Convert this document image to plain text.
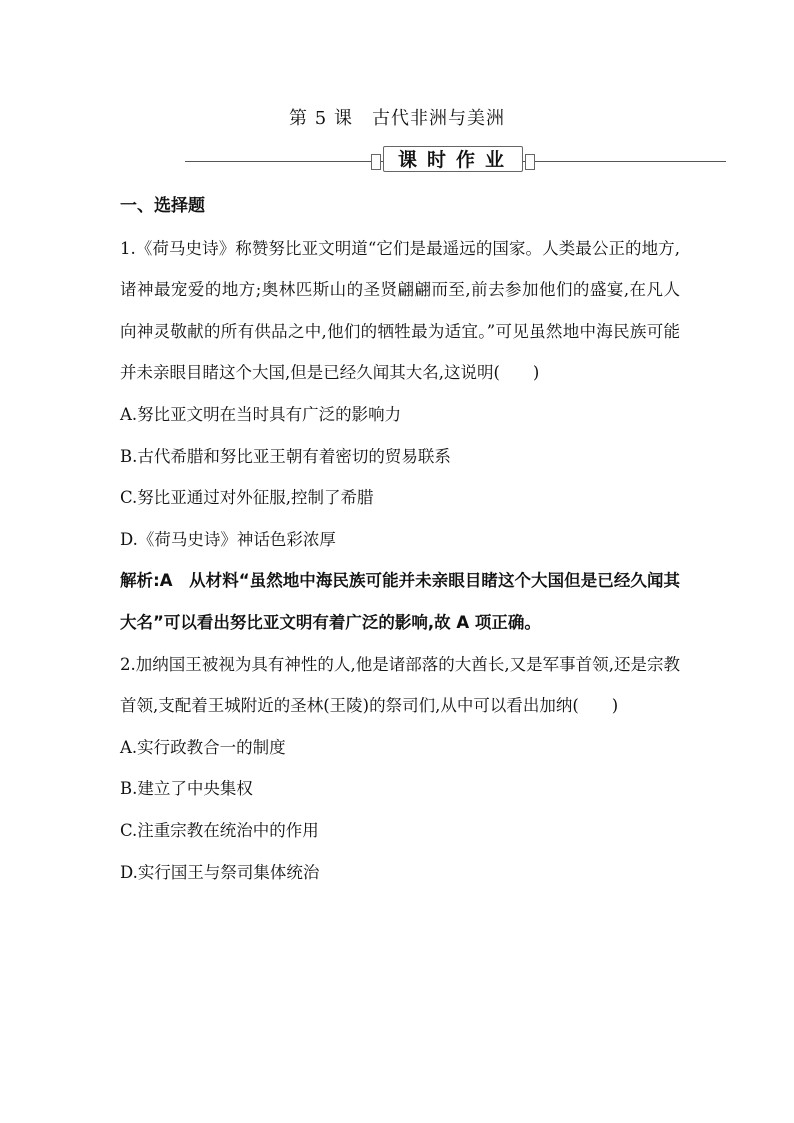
第 5 课　古代非洲与美洲
课时作业

一、选择题

1.《荷马史诗》称赞努比亚文明道“它们是最遥远的国家。人类最公正的地方,诸神最宠爱的地方;奥林匹斯山的圣贤翩翩而至,前去参加他们的盛宴,在凡人向神灵敬献的所有供品之中,他们的牺牲最为适宜。”可见虽然地中海民族可能并未亲眼目睹这个大国,但是已经久闻其大名,这说明(　　)

A.努比亚文明在当时具有广泛的影响力

B.古代希腊和努比亚王朝有着密切的贸易联系

C.努比亚通过对外征服,控制了希腊

D.《荷马史诗》神话色彩浓厚

解析:A　从材料“虽然地中海民族可能并未亲眼目睹这个大国但是已经久闻其大名”可以看出努比亚文明有着广泛的影响,故 A 项正确。

2.加纳国王被视为具有神性的人,他是诸部落的大酋长,又是军事首领,还是宗教首领,支配着王城附近的圣林(王陵)的祭司们,从中可以看出加纳(　　)

A.实行政教合一的制度

B.建立了中央集权

C.注重宗教在统治中的作用

D.实行国王与祭司集体统治
